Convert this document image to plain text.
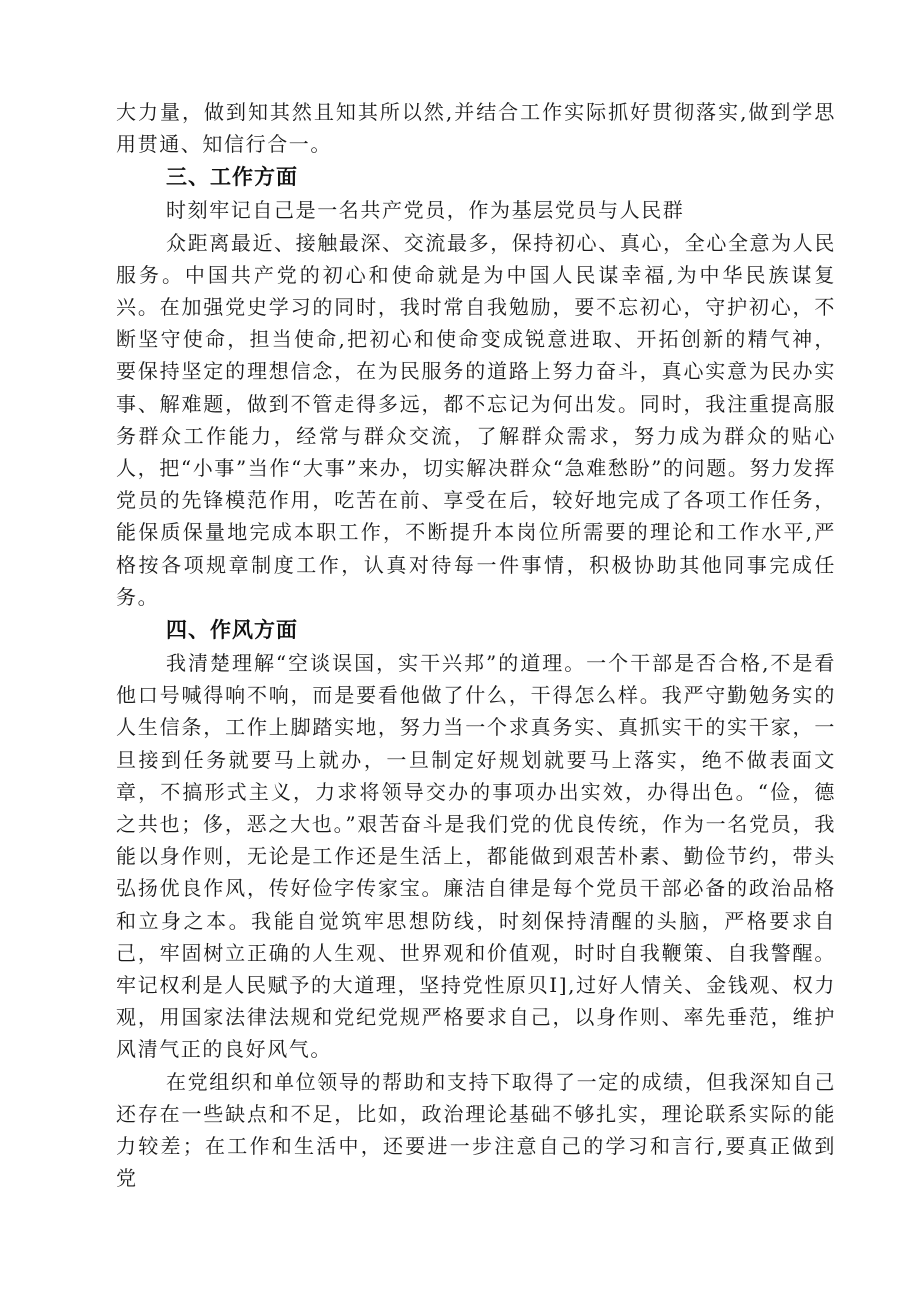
大力量，做到知其然且知其所以然,并结合工作实际抓好贯彻落实,做到学思用贯通、知信行合一。

三、工作方面

时刻牢记自己是一名共产党员，作为基层党员与人民群

众距离最近、接触最深、交流最多，保持初心、真心，全心全意为人民服务。中国共产党的初心和使命就是为中国人民谋幸福,为中华民族谋复兴。在加强党史学习的同时，我时常自我勉励，要不忘初心，守护初心，不断坚守使命，担当使命,把初心和使命变成锐意进取、开拓创新的精气神，要保持坚定的理想信念，在为民服务的道路上努力奋斗，真心实意为民办实事、解难题，做到不管走得多远，都不忘记为何出发。同时，我注重提高服务群众工作能力，经常与群众交流，了解群众需求，努力成为群众的贴心人，把“小事”当作“大事”来办，切实解决群众“急难愁盼”的问题。努力发挥党员的先锋模范作用，吃苦在前、享受在后，较好地完成了各项工作任务，能保质保量地完成本职工作，不断提升本岗位所需要的理论和工作水平,严格按各项规章制度工作，认真对待每一件事情，积极协助其他同事完成任务。

四、作风方面

我清楚理解“空谈误国，实干兴邦”的道理。一个干部是否合格,不是看他口号喊得响不响，而是要看他做了什么，干得怎么样。我严守勤勉务实的人生信条，工作上脚踏实地，努力当一个求真务实、真抓实干的实干家，一旦接到任务就要马上就办，一旦制定好规划就要马上落实，绝不做表面文章，不搞形式主义，力求将领导交办的事项办出实效，办得出色。“俭，德之共也；侈，恶之大也。”艰苦奋斗是我们党的优良传统，作为一名党员，我能以身作则，无论是工作还是生活上，都能做到艰苦朴素、勤俭节约，带头弘扬优良作风，传好俭字传家宝。廉洁自律是每个党员干部必备的政治品格和立身之本。我能自觉筑牢思想防线，时刻保持清醒的头脑，严格要求自己，牢固树立正确的人生观、世界观和价值观，时时自我鞭策、自我警醒。牢记权利是人民赋予的大道理，坚持党性原贝I],过好人情关、金钱观、权力观，用国家法律法规和党纪党规严格要求自己，以身作则、率先垂范，维护风清气正的良好风气。

在党组织和单位领导的帮助和支持下取得了一定的成绩，但我深知自己还存在一些缺点和不足，比如，政治理论基础不够扎实，理论联系实际的能力较差；在工作和生活中，还要进一步注意自己的学习和言行,要真正做到党
